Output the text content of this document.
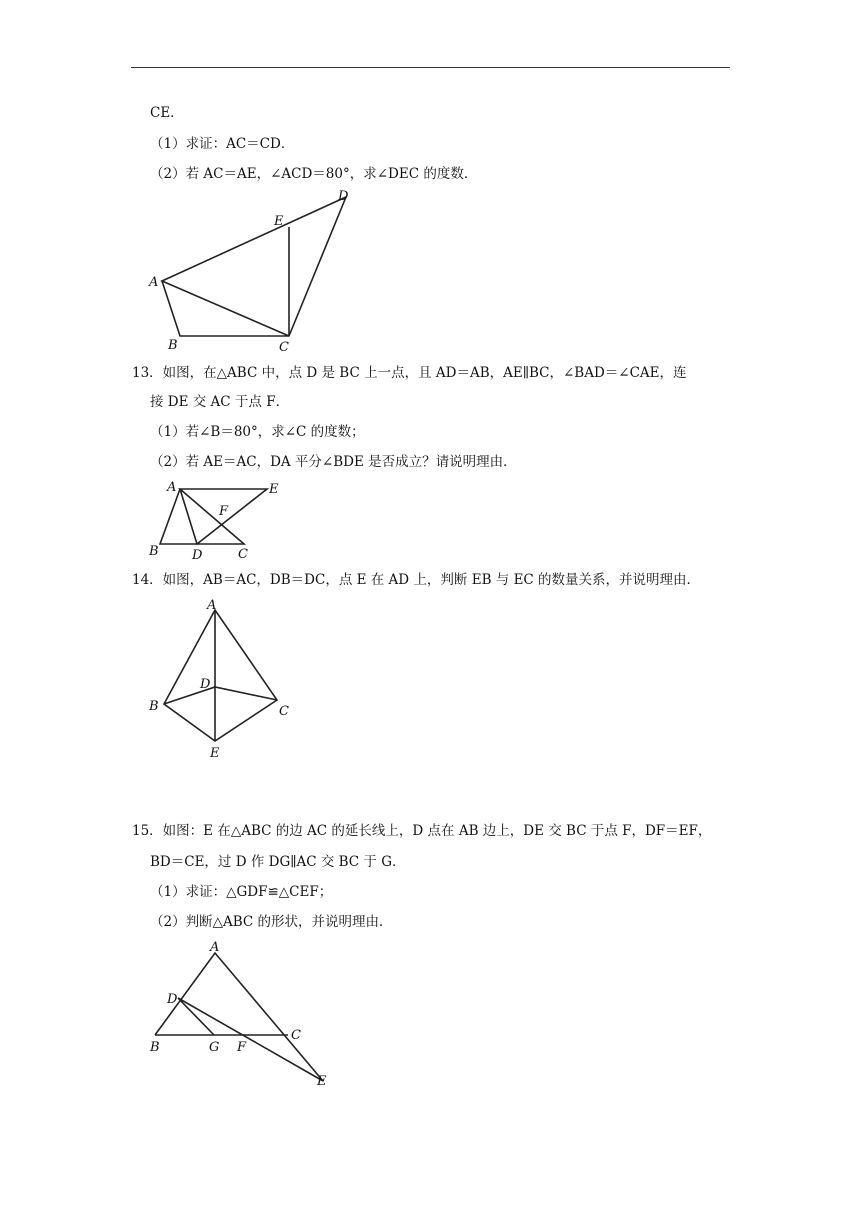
CE．
（1）求证：AC＝CD．
（2）若 AC＝AE，∠ACD＝80°，求∠DEC 的度数．
A
B	C
D
E
13．如图，在△ABC 中，点 D 是 BC 上一点，且 AD＝AB，AE∥BC，∠BAD＝∠CAE，连
接 DE 交 AC 于点 F．
（1）若∠B＝80°，求∠C 的度数；
（2）若 AE＝AC，DA 平分∠BDE 是否成立？请说明理由．
A
B	D	C
E
F
14．如图，AB＝AC，DB＝DC，点 E 在 AD 上，判断 EB 与 EC 的数量关系，并说明理由．
A
D
B	C
E
15．如图：E 在△ABC 的边 AC 的延长线上，D 点在 AB 边上，DE 交 BC 于点 F，DF＝EF，
BD＝CE，过 D 作 DG∥AC 交 BC 于 G．
（1）求证：△GDF≌△CEF；
（2）判断△ABC 的形状，并说明理由．
A
D
B	G F
C
E
